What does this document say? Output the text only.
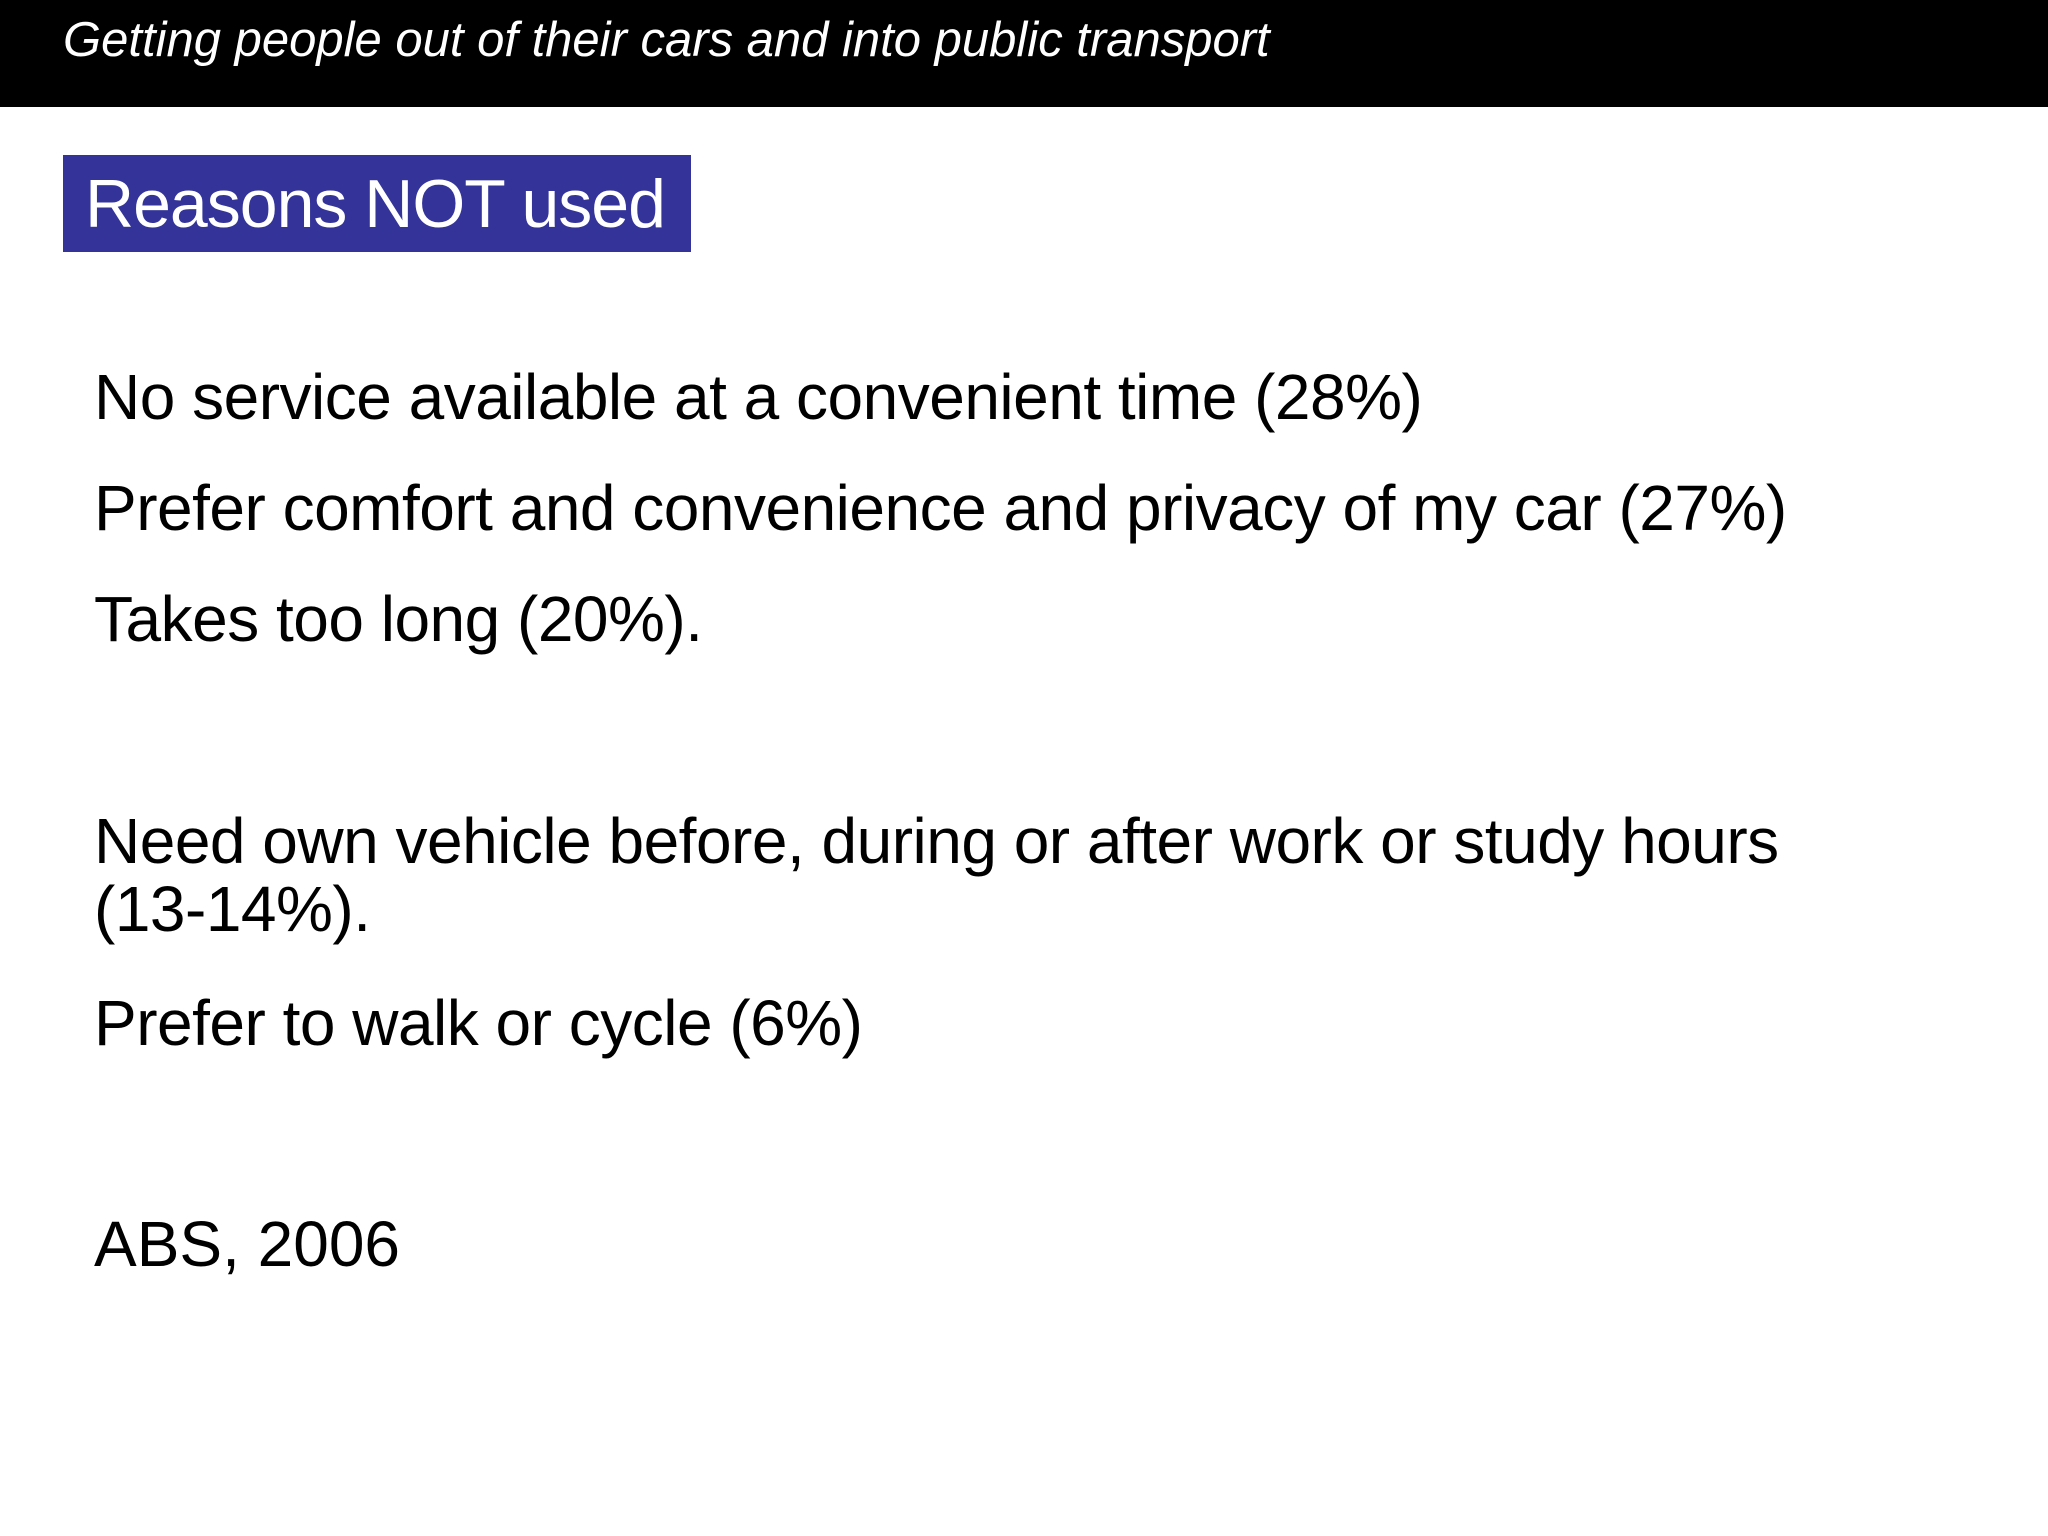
Getting people out of their cars and into public transport
Reasons NOT used
No service available at a convenient time (28%)
Prefer comfort and convenience and privacy of my car (27%)
Takes too long (20%).
Need own vehicle before, during or after work or study hours
(13-14%).
Prefer to walk or cycle (6%)
ABS, 2006
